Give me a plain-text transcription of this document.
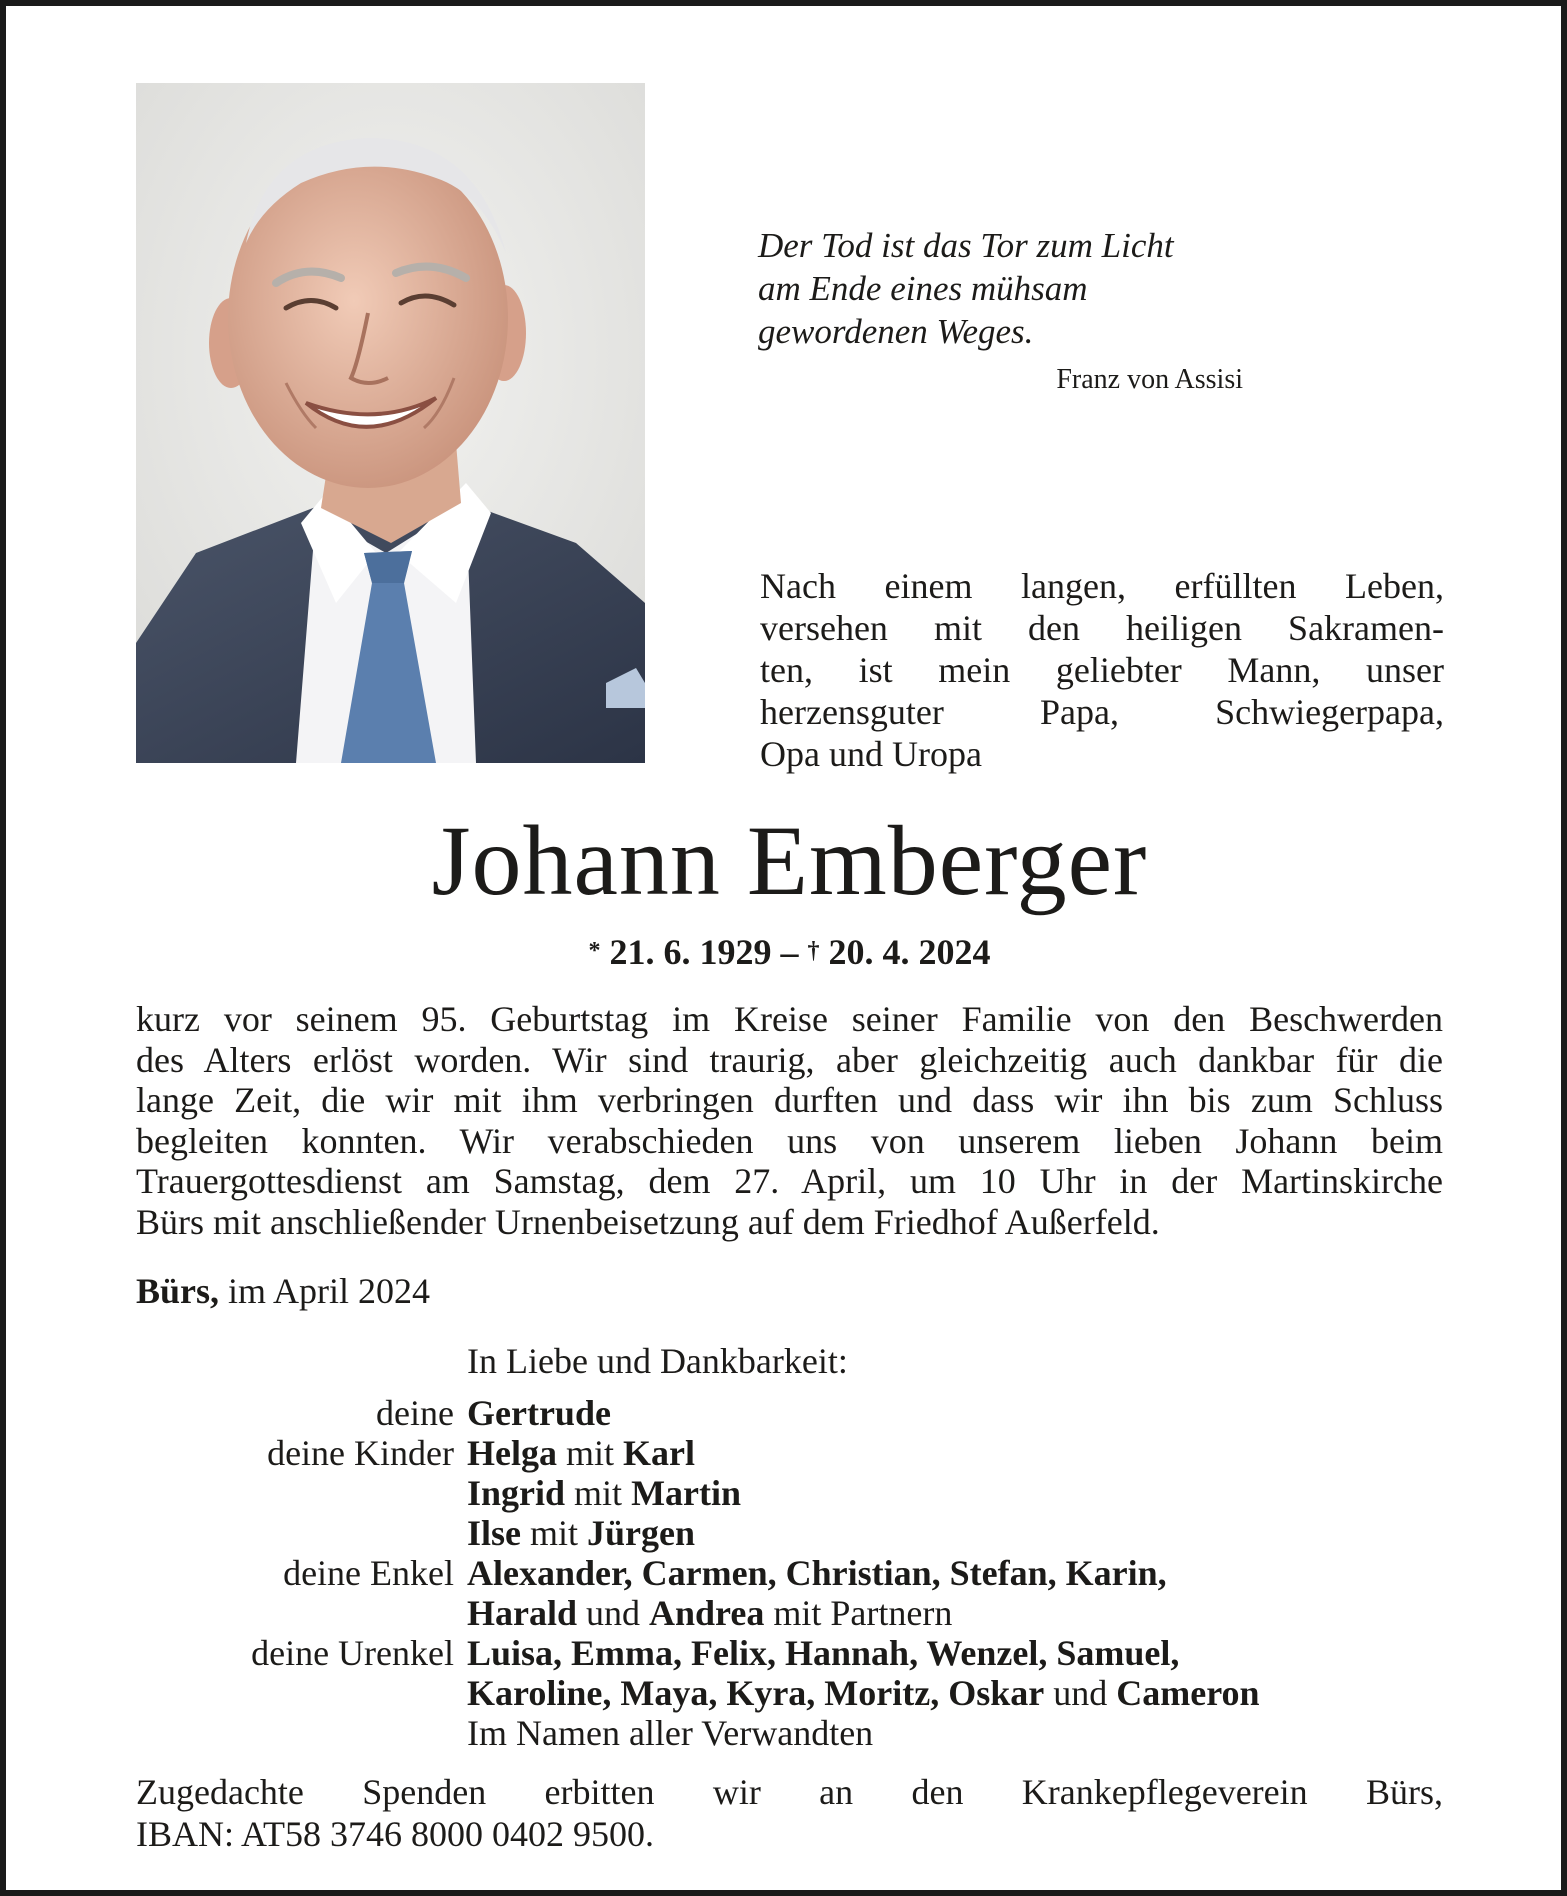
Der Tod ist das Tor zum Licht
am Ende eines mühsam
gewordenen Weges.
Franz von Assisi
Nach einem langen, erfüllten Leben,
versehen mit den heiligen Sakramen-
ten, ist mein geliebter Mann, unser
herzensguter Papa, Schwiegerpapa,
Opa und Uropa
Johann Emberger
* 21. 6. 1929 – † 20. 4. 2024
kurz vor seinem 95. Geburtstag im Kreise seiner Familie von den Beschwerden
des Alters erlöst worden. Wir sind traurig, aber gleichzeitig auch dankbar für die
lange Zeit, die wir mit ihm verbringen durften und dass wir ihn bis zum Schluss
begleiten konnten. Wir verabschieden uns von unserem lieben Johann beim
Trauergottesdienst am Samstag, dem 27. April, um 10 Uhr in der Martinskirche
Bürs mit anschließender Urnenbeisetzung auf dem Friedhof Außerfeld.
Bürs, im April 2024
In Liebe und Dankbarkeit:
deine Gertrude
deine Kinder Helga mit Karl
Ingrid mit Martin
Ilse mit Jürgen
deine Enkel Alexander, Carmen, Christian, Stefan, Karin,
Harald und Andrea mit Partnern
deine Urenkel Luisa, Emma, Felix, Hannah, Wenzel, Samuel,
Karoline, Maya, Kyra, Moritz, Oskar und Cameron
Im Namen aller Verwandten
Zugedachte Spenden erbitten wir an den Krankepflegeverein Bürs,
IBAN: AT58 3746 8000 0402 9500.
